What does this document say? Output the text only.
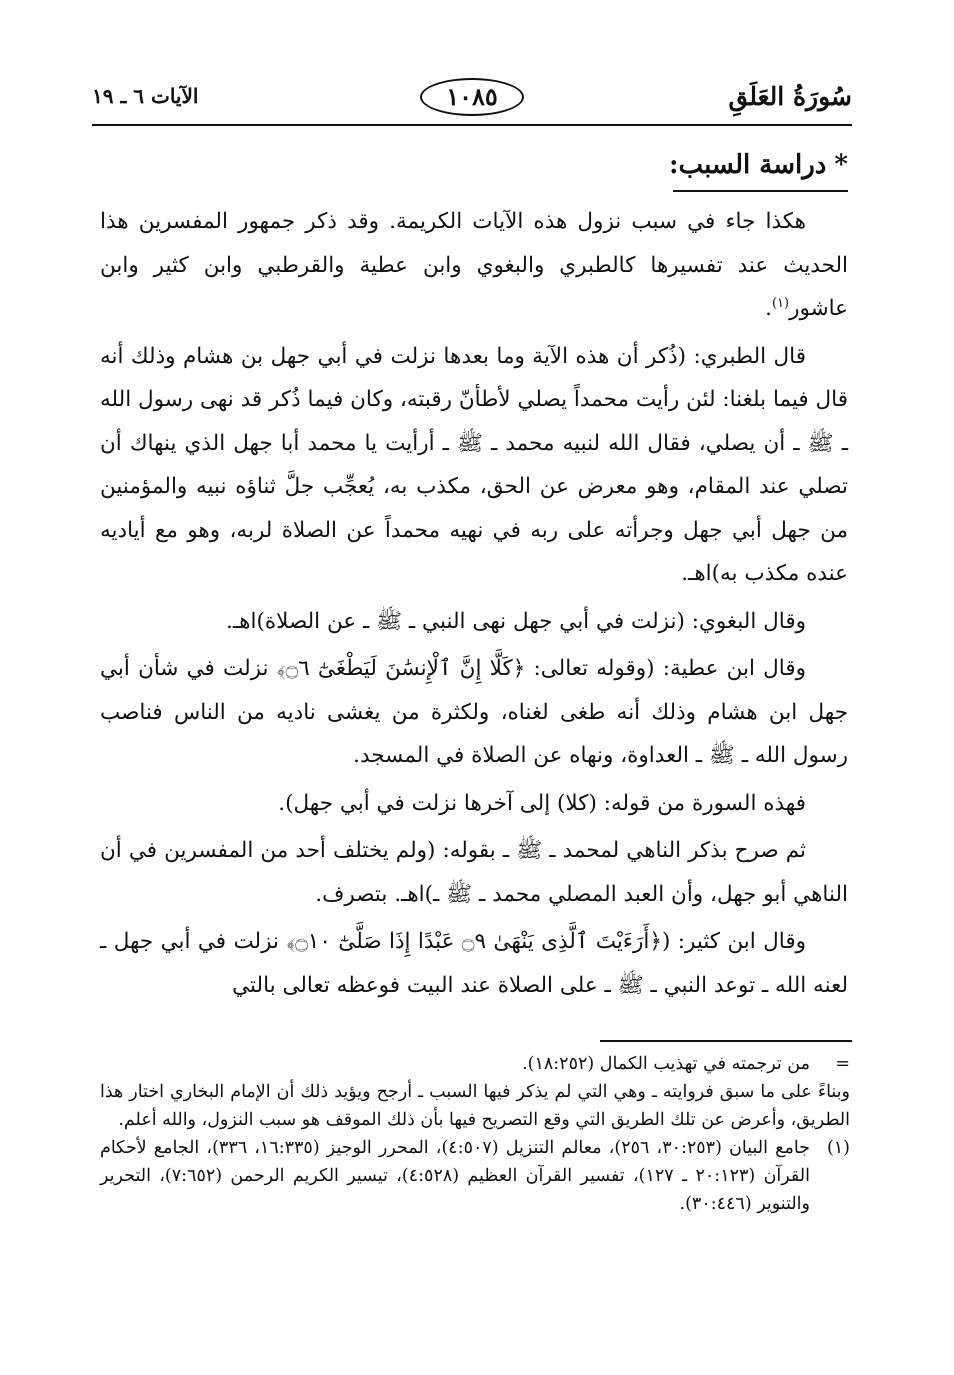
سُورَةُ العَلَقِ
١٠٨٥
الآيات ٦ ـ ١٩
*دراسة السبب:

هكذا جاء في سبب نزول هذه الآيات الكريمة. وقد ذكر جمهور المفسرين هذا الحديث عند تفسيرها كالطبري والبغوي وابن عطية والقرطبي وابن كثير وابن عاشور$^{(١)}$.

قال الطبري: (ذُكر أن هذه الآية وما بعدها نزلت في أبي جهل بن هشام وذلك أنه قال فيما بلغنا: لئن رأيت محمداً يصلي لأطأنّ رقبته، وكان فيما ذُكر قد نهى رسول الله ـ ﷺ ـ أن يصلي، فقال الله لنبيه محمد ـ ﷺ ـ أرأيت يا محمد أبا جهل الذي ينهاك أن تصلي عند المقام، وهو معرض عن الحق، مكذب به، يُعجِّب جلَّ ثناؤه نبيه والمؤمنين من جهل أبي جهل وجرأته على ربه في نهيه محمداً عن الصلاة لربه، وهو مع أياديه عنده مكذب به)اهـ.

وقال البغوي: (نزلت في أبي جهل نهى النبي ـ ﷺ ـ عن الصلاة)اهـ.

وقال ابن عطية: (وقوله تعالى: ﴿كَلَّا إِنَّ ٱلْإِنسَٰنَ لَيَطْغَىٰٓ ۝٦﴾ نزلت في شأن أبي جهل ابن هشام وذلك أنه طغى لغناه، ولكثرة من يغشى ناديه من الناس فناصب رسول الله ـ ﷺ ـ العداوة، ونهاه عن الصلاة في المسجد.

فهذه السورة من قوله: (كلا) إلى آخرها نزلت في أبي جهل).

ثم صرح بذكر الناهي لمحمد ـ ﷺ ـ بقوله: (ولم يختلف أحد من المفسرين في أن الناهي أبو جهل، وأن العبد المصلي محمد ـ ﷺ ـ)اهـ. بتصرف.

وقال ابن كثير: (﴿أَرَءَيْتَ ٱلَّذِى يَنْهَىٰ ۝٩ عَبْدًا إِذَا صَلَّىٰٓ ۝١٠﴾ نزلت في أبي جهل ـ لعنه الله ـ توعد النبي ـ ﷺ ـ على الصلاة عند البيت فوعظه تعالى بالتي

=
من ترجمته في تهذيب الكمال (١٨:٢٥٢).

وبناءً على ما سبق فروايته ـ وهي التي لم يذكر فيها السبب ـ أرجح ويؤيد ذلك أن الإمام البخاري اختار هذا الطريق، وأعرض عن تلك الطريق التي وقع التصريح فيها بأن ذلك الموقف هو سبب النزول، والله أعلم.

(١)
جامع البيان (٣٠:٢٥٣، ٢٥٦)، معالم التنزيل (٤:٥٠٧)، المحرر الوجيز (١٦:٣٣٥، ٣٣٦)، الجامع لأحكام القرآن (٢٠:١٢٣ ـ ١٢٧)، تفسير القرآن العظيم (٤:٥٢٨)، تيسير الكريم الرحمن (٧:٦٥٢)، التحرير والتنوير (٣٠:٤٤٦).
